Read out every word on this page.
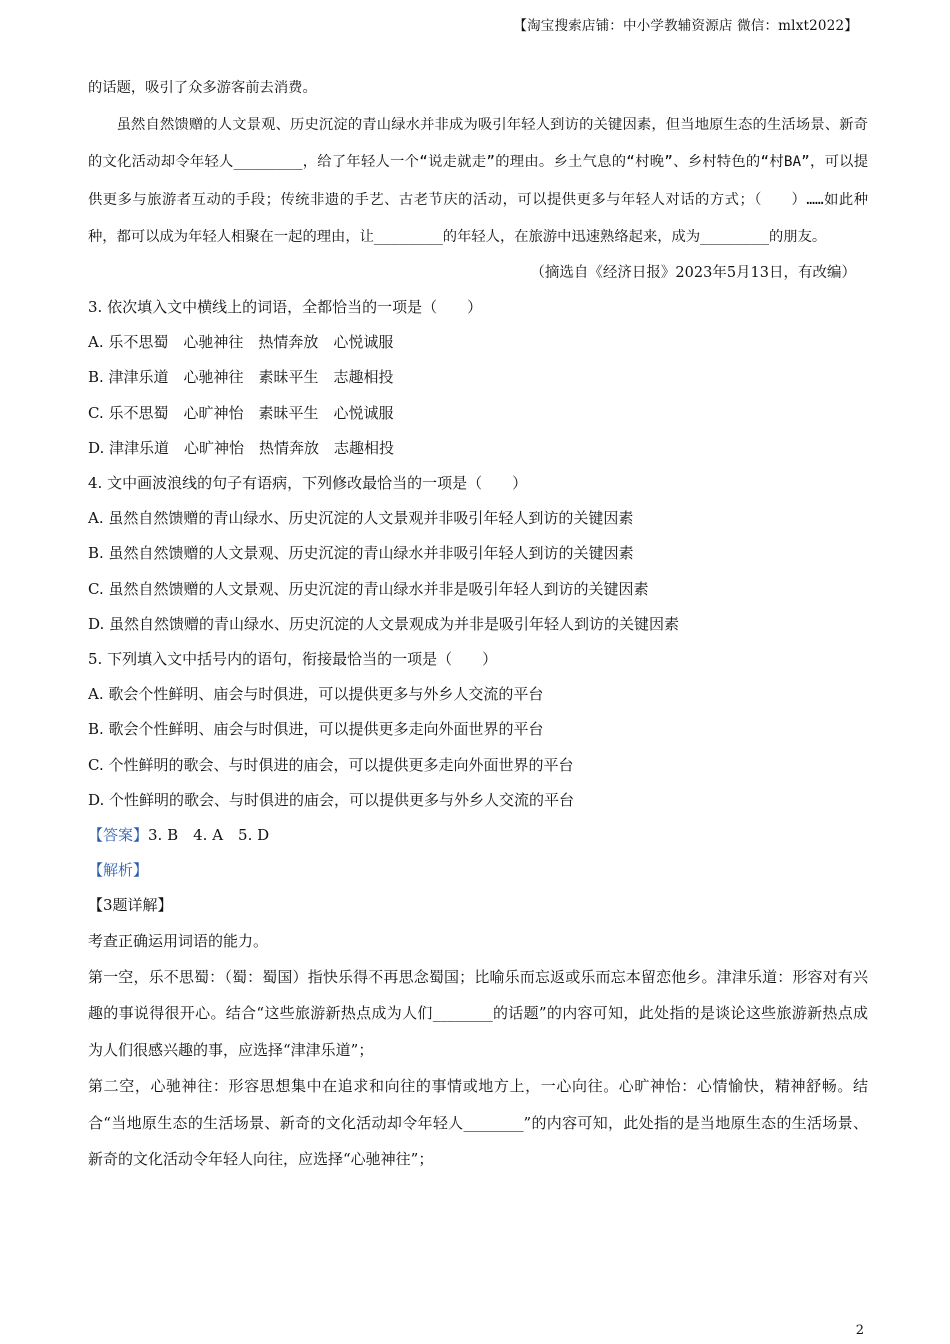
【淘宝搜索店铺：中小学教辅资源店 微信：mlxt2022】

的话题，吸引了众多游客前去消费。

虽然自然馈赠的人文景观、历史沉淀的青山绿水并非成为吸引年轻人到访的关键因素，但当地原生态的生活场景、新奇的文化活动却令年轻人________，给了年轻人一个“说走就走”的理由。乡土气息的“村晚”、乡村特色的“村BA”，可以提供更多与旅游者互动的手段；传统非遗的手艺、古老节庆的活动，可以提供更多与年轻人对话的方式；（　　）……如此种种，都可以成为年轻人相聚在一起的理由，让________的年轻人，在旅游中迅速熟络起来，成为________的朋友。

（摘选自《经济日报》2023年5月13日，有改编）

3. 依次填入文中横线上的词语，全都恰当的一项是（　　）

A. 乐不思蜀　心驰神往　热情奔放　心悦诚服

B. 津津乐道　心驰神往　素昧平生　志趣相投

C. 乐不思蜀　心旷神怡　素昧平生　心悦诚服

D. 津津乐道　心旷神怡　热情奔放　志趣相投

4. 文中画波浪线的句子有语病，下列修改最恰当的一项是（　　）

A. 虽然自然馈赠的青山绿水、历史沉淀的人文景观并非吸引年轻人到访的关键因素

B. 虽然自然馈赠的人文景观、历史沉淀的青山绿水并非吸引年轻人到访的关键因素

C. 虽然自然馈赠的人文景观、历史沉淀的青山绿水并非是吸引年轻人到访的关键因素

D. 虽然自然馈赠的青山绿水、历史沉淀的人文景观成为并非是吸引年轻人到访的关键因素

5. 下列填入文中括号内的语句，衔接最恰当的一项是（　　）

A. 歌会个性鲜明、庙会与时俱进，可以提供更多与外乡人交流的平台

B. 歌会个性鲜明、庙会与时俱进，可以提供更多走向外面世界的平台

C. 个性鲜明的歌会、与时俱进的庙会，可以提供更多走向外面世界的平台

D. 个性鲜明的歌会、与时俱进的庙会，可以提供更多与外乡人交流的平台

【答案】3. B　4. A　5. D

【解析】

【3题详解】

考查正确运用词语的能力。

第一空，乐不思蜀：（蜀：蜀国）指快乐得不再思念蜀国；比喻乐而忘返或乐而忘本留恋他乡。津津乐道：形容对有兴趣的事说得很开心。结合“这些旅游新热点成为人们________的话题”的内容可知，此处指的是谈论这些旅游新热点成为人们很感兴趣的事，应选择“津津乐道”；

第二空，心驰神往：形容思想集中在追求和向往的事情或地方上，一心向往。心旷神怡：心情愉快，精神舒畅。结合“当地原生态的生活场景、新奇的文化活动却令年轻人________”的内容可知，此处指的是当地原生态的生活场景、新奇的文化活动令年轻人向往，应选择“心驰神往”；

2
